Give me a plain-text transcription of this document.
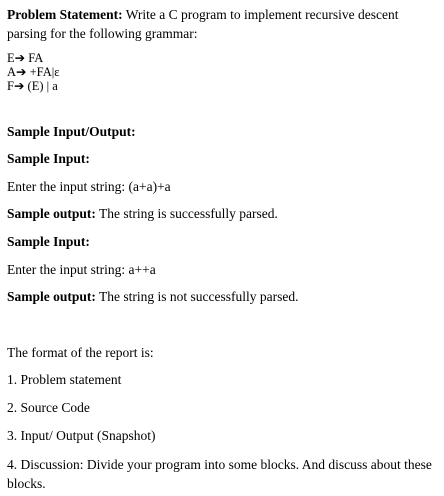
Problem Statement: Write a C program to implement recursive descent parsing for the following grammar:
E➔ FA
A➔ +FA|ε
F➔ (E) | a
Sample Input/Output:
Sample Input:
Enter the input string: (a+a)+a
Sample output: The string is successfully parsed.
Sample Input:
Enter the input string: a++a
Sample output: The string is not successfully parsed.
The format of the report is:
1. Problem statement
2. Source Code
3. Input/ Output (Snapshot)
4. Discussion: Divide your program into some blocks. And discuss about these blocks.
